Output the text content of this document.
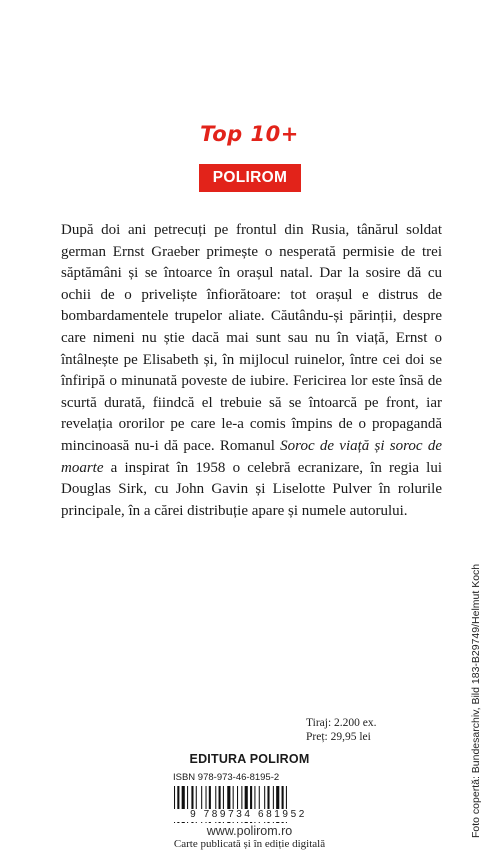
Top 10+
POLIROM

După doi ani petrecuți pe frontul din Rusia, tânărul soldat german Ernst Graeber primește o nesperată permisie de trei săptămâni și se întoarce în orașul natal. Dar la sosire dă cu ochii de o priveliște înfiorătoare: tot orașul e distrus de bombardamentele trupelor aliate. Căutându-și părinții, despre care nimeni nu știe dacă mai sunt sau nu în viață, Ernst o întâlnește pe Elisabeth și, în mijlocul ruinelor, între cei doi se înfiripă o minunată poveste de iubire. Fericirea lor este însă de scurtă durată, fiindcă el trebuie să se întoarcă pe front, iar revelația ororilor pe care le-a comis împins de o propagandă mincinoasă nu-i dă pace. Romanul Soroc de viață și soroc de moarte a inspirat în 1958 o celebră ecranizare, în regia lui Douglas Sirk, cu John Gavin și Liselotte Pulver în rolurile principale, în a cărei distribuție apare și numele autorului.

Tiraj: 2.200 ex.
Preț: 29,95 lei
EDITURA POLIROM
ISBN 978-973-46-8195-2
9 789734 681952
www.polirom.ro
Carte publicată și în ediție digitală
Foto copertă: Bundesarchiv, Bild 183-B29749/Helmut Koch
